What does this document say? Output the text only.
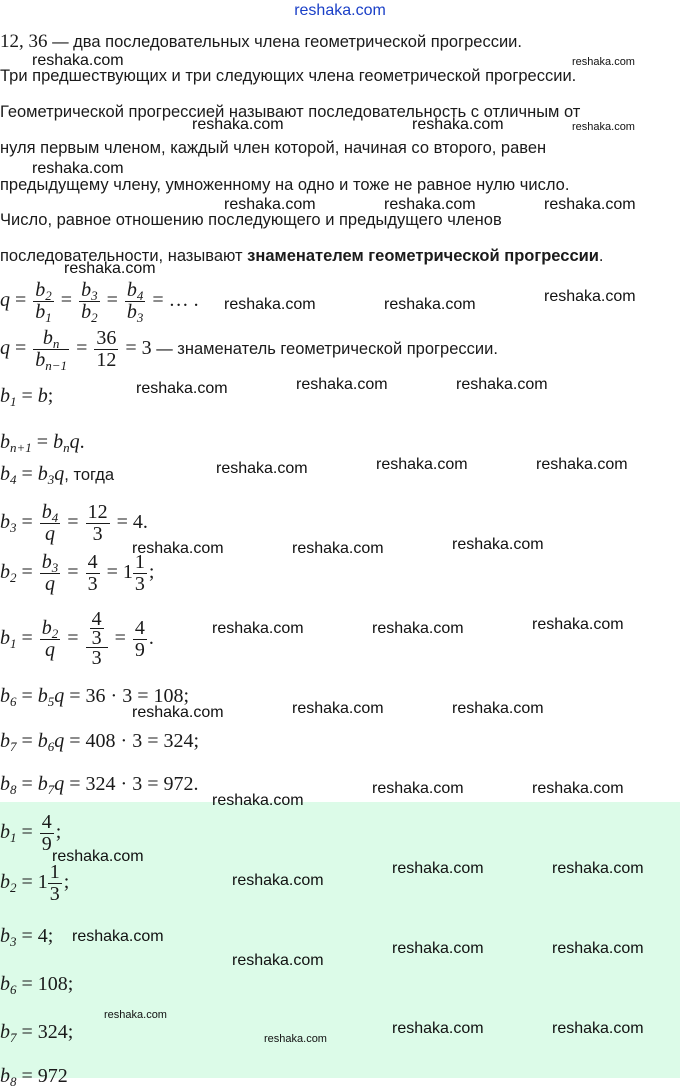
reshaka.com
12, 36 — два последовательных члена геометрической прогрессии.
Три предшествующих и три следующих члена геометрической прогрессии.
Геометрической прогрессией называют последовательность с отличным от
нуля первым членом, каждый член которой, начиная со второго, равен
предыдущему члену, умноженному на одно и тоже не равное нулю число.
Число, равное отношению последующего и предыдущего членов
последовательности, называют знаменателем геометрической прогрессии.
$q = \frac{b_2}{b_1} = \frac{b_3}{b_2} = \frac{b_4}{b_3}$ = … .
$q = \frac{b_n}{b_{n-1}} = \frac{36}{12} = 3$ — знаменатель геометрической прогрессии.
$b_1 = b$;
$b_{n+1} = b_nq$.
$b_4 = b_3q$, тогда
$b_3 = \frac{b_4}{q} = \frac{12}{3} = 4$.
$b_2 = \frac{b_3}{q} = \frac{4}{3} = 1 \frac{1}{3}$ ;
$b_1 = \frac{b_2}{q} = \frac{\frac{4}{3}}{3} = \frac{4}{9}$ .
$b_6 = b_5q = 36 \cdot 3 = 108$;
$b_7 = b_6q = 408 \cdot 3 = 324$;
$b_8 = b_7q = 324 \cdot 3 = 972$.
$b_1 = \frac{4}{9}$ ;
$b_2 = 1 \frac{1}{3}$ ;
$b_3 = 4$;
$b_6 = 108$;
$b_7 = 324$;
$b_8 = 972$
reshaka.com	reshaka.com
reshaka.com	reshaka.com	reshaka.com
reshaka.com
reshaka.com	reshaka.com	reshaka.com
reshaka.com
reshaka.com	reshaka.com	reshaka.com
reshaka.com	reshaka.com	reshaka.com
reshaka.com	reshaka.com	reshaka.com
reshaka.com	reshaka.com	reshaka.com
reshaka.com	reshaka.com	reshaka.com
reshaka.com	reshaka.com	reshaka.com
reshaka.com
reshaka.com	reshaka.com
reshaka.com
reshaka.com
reshaka.com	reshaka.com
reshaka.com
reshaka.com
reshaka.com	reshaka.com
reshaka.com
reshaka.com	reshaka.com
reshaka.com
